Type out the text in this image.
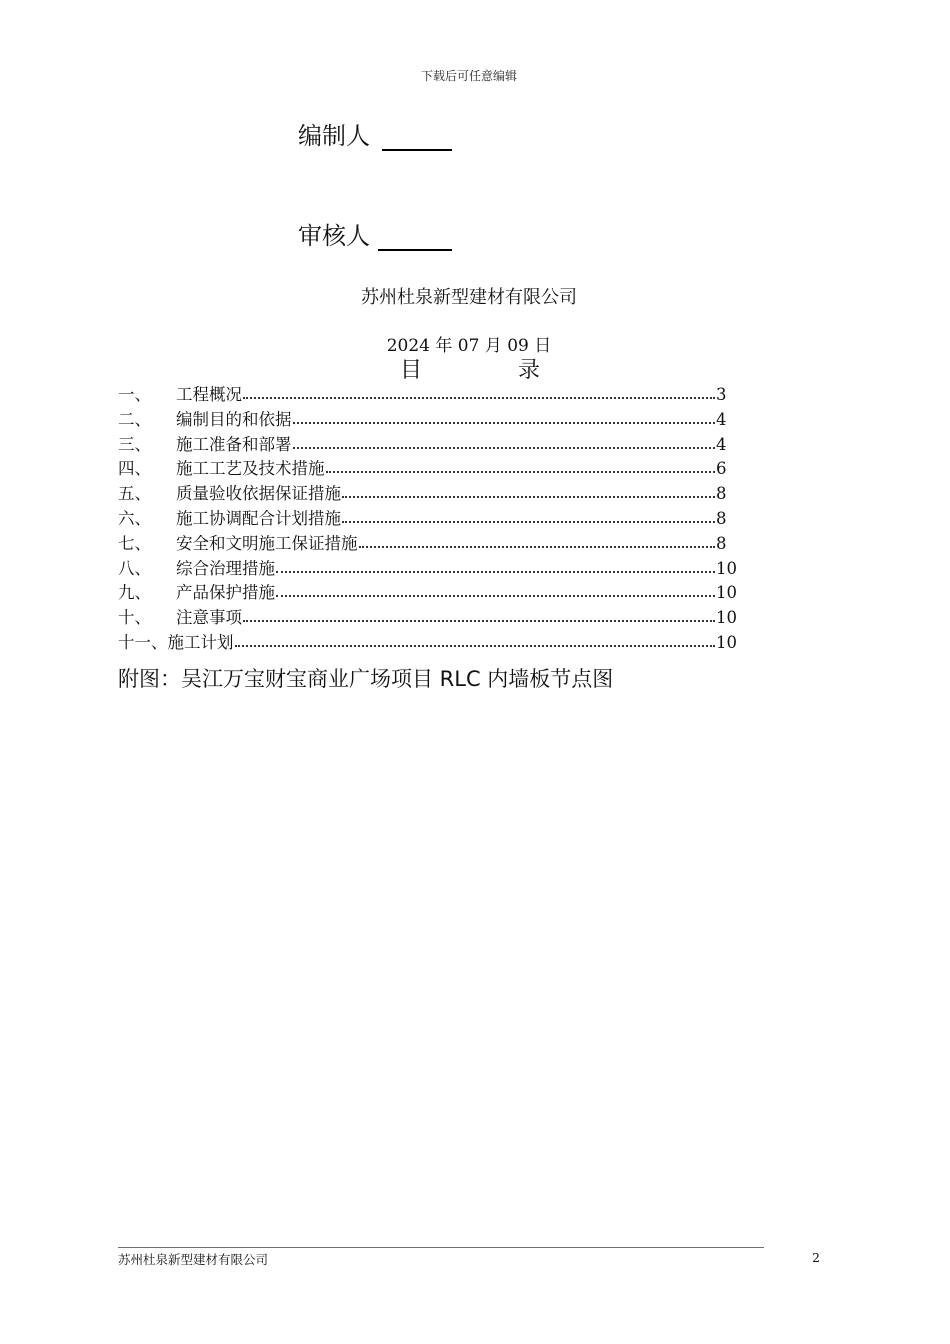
下载后可任意编辑
编制人
审核人
苏州杜泉新型建材有限公司
2024 年 07 月 09 日
目	录
一、	工程概况	3
二、	编制目的和依据	4
三、	施工准备和部署	4
四、	施工工艺及技术措施	6
五、	质量验收依据保证措施	8
六、	施工协调配合计划措施	8
七、	安全和文明施工保证措施	8
八、	综合治理措施	10
九、	产品保护措施	10
十、	注意事项	10
十一、 施工计划	10
附图：吴江万宝财宝商业广场项目 RLC 内墙板节点图
苏州杜泉新型建材有限公司	2
